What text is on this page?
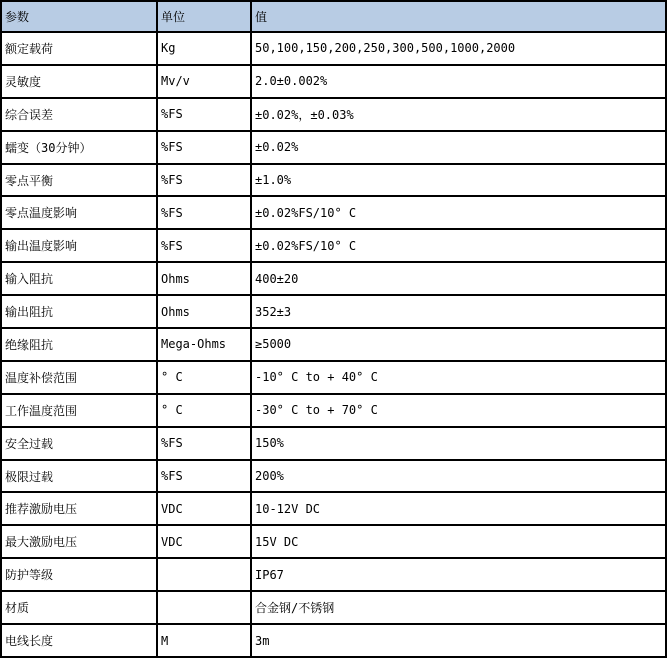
参数	单位	值
额定载荷	Kg	50,100,150,200,250,300,500,1000,2000
灵敏度	Mv/v	2.0±0.002%
综合误差	%FS	±0.02%，±0.03%
蠕变（30分钟）	%FS	±0.02%
零点平衡	%FS	±1.0%
零点温度影响	%FS	±0.02%FS/10° C
输出温度影响	%FS	±0.02%FS/10° C
输入阻抗	Ohms	400±20
输出阻抗	Ohms	352±3
绝缘阻抗	Mega-Ohms	≥5000
温度补偿范围	° C	-10° C to + 40° C
工作温度范围	° C	-30° C to + 70° C
安全过载	%FS	150%
极限过载	%FS	200%
推荐激励电压	VDC	10-12V DC
最大激励电压	VDC	15V DC
防护等级		IP67
材质		合金钢/不锈钢
电线长度	M	3m
